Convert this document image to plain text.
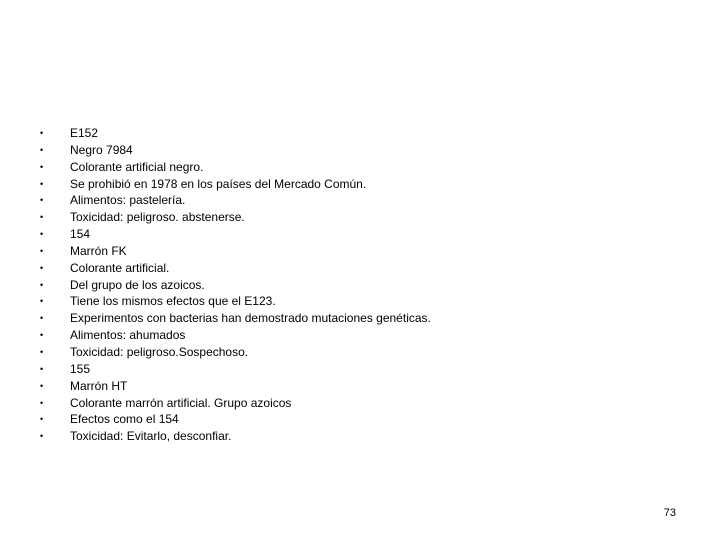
•	E152
•	Negro 7984
•	Colorante artificial negro.
•	Se prohibió en 1978 en los países del Mercado Común.
•	Alimentos: pastelería.
•	Toxicidad: peligroso. abstenerse.
•	154
•	Marrón FK
•	Colorante artificial.
•	Del grupo de los azoicos.
•	Tiene los mismos efectos que el E123.
•	Experimentos con bacterias han demostrado mutaciones genéticas.
•	Alimentos: ahumados
•	Toxicidad: peligroso.Sospechoso.
•	155
•	Marrón HT
•	Colorante marrón artificial. Grupo azoicos
•	Efectos como el 154
•	Toxicidad: Evitarlo, desconfiar.
73
